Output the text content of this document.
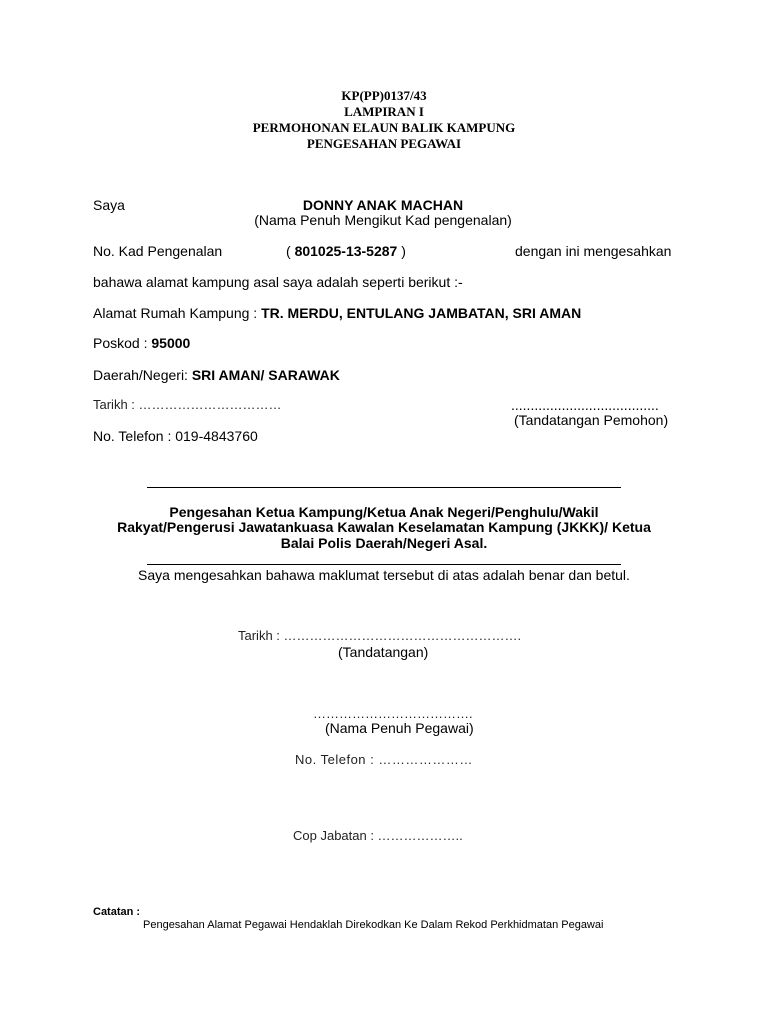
KP(PP)0137/43
LAMPIRAN I
PERMOHONAN ELAUN BALIK KAMPUNG
PENGESAHAN PEGAWAI
Saya	DONNY ANAK MACHAN
(Nama Penuh Mengikut Kad pengenalan)
No. Kad Pengenalan	( 801025-13-5287 )	dengan ini mengesahkan
bahawa alamat kampung asal saya adalah seperti berikut :-
Alamat Rumah Kampung : TR. MERDU, ENTULANG JAMBATAN, SRI AMAN
Poskod : 95000
Daerah/Negeri: SRI AMAN/ SARAWAK
Tarikh : ……………………………	......................................
(Tandatangan Pemohon)
No. Telefon : 019-4843760
Pengesahan Ketua Kampung/Ketua Anak Negeri/Penghulu/Wakil
Rakyat/Pengerusi Jawatankuasa Kawalan Keselamatan Kampung (JKKK)/ Ketua
Balai Polis Daerah/Negeri Asal.
Saya mengesahkan bahawa maklumat tersebut di atas adalah benar dan betul.
Tarikh : ……………………………………………….
(Tandatangan)
……………………………….
(Nama Penuh Pegawai)
No. Telefon : …………………
Cop Jabatan : ………………..
Catatan :
Pengesahan Alamat Pegawai Hendaklah Direkodkan Ke Dalam Rekod Perkhidmatan Pegawai
